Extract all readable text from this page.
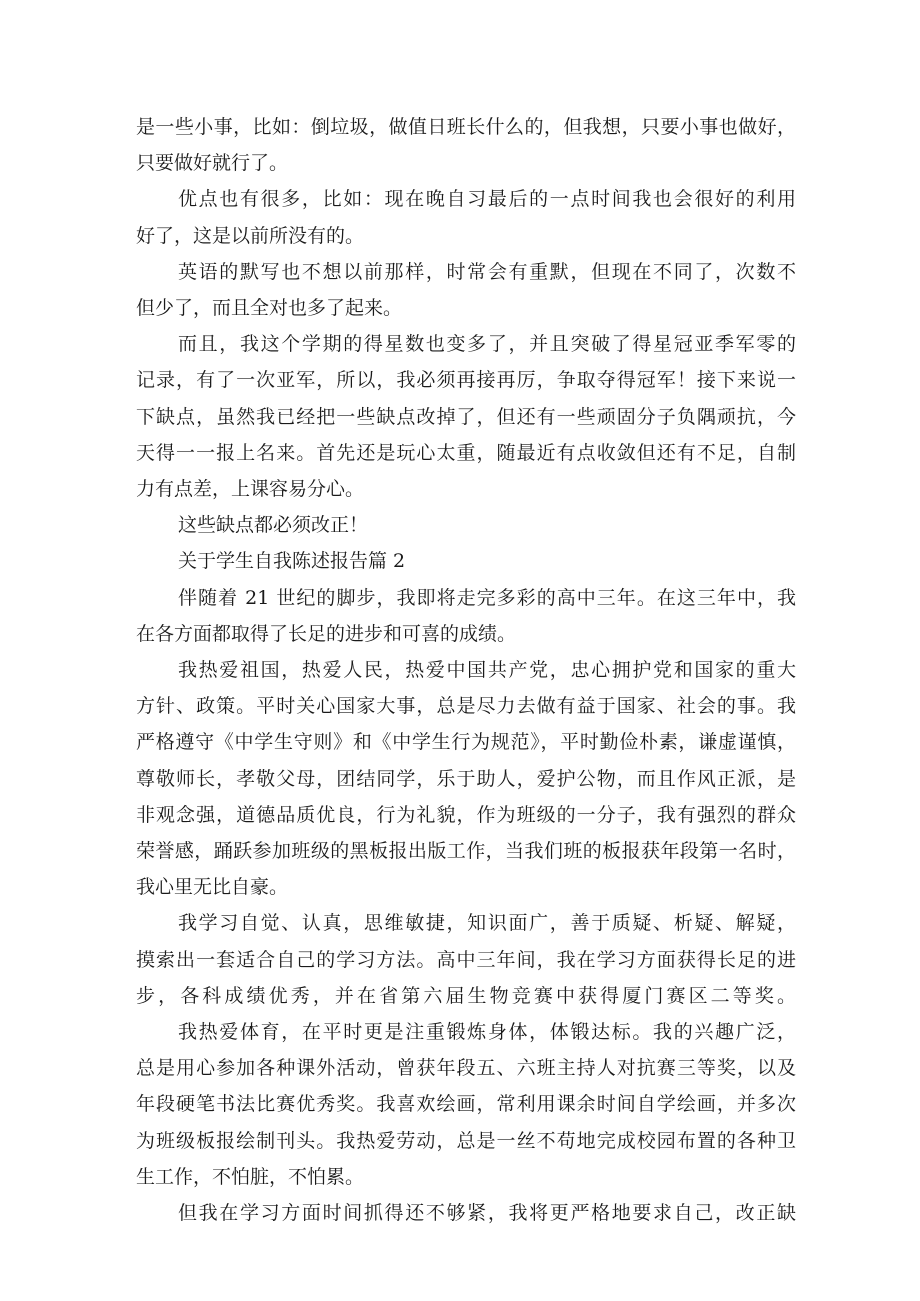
是一些小事，比如：倒垃圾，做值日班长什么的，但我想，只要小事也做好，
只要做好就行了。
优点也有很多，比如：现在晚自习最后的一点时间我也会很好的利用
好了，这是以前所没有的。
英语的默写也不想以前那样，时常会有重默，但现在不同了，次数不
但少了，而且全对也多了起来。
而且，我这个学期的得星数也变多了，并且突破了得星冠亚季军零的
记录，有了一次亚军，所以，我必须再接再厉，争取夺得冠军！接下来说一
下缺点，虽然我已经把一些缺点改掉了，但还有一些顽固分子负隅顽抗，今
天得一一报上名来。首先还是玩心太重，随最近有点收敛但还有不足，自制
力有点差，上课容易分心。
这些缺点都必须改正！
关于学生自我陈述报告篇 2
伴随着 21 世纪的脚步，我即将走完多彩的高中三年。在这三年中，我
在各方面都取得了长足的进步和可喜的成绩。
我热爱祖国，热爱人民，热爱中国共产党，忠心拥护党和国家的重大
方针、政策。平时关心国家大事，总是尽力去做有益于国家、社会的事。我
严格遵守《中学生守则》和《中学生行为规范》，平时勤俭朴素，谦虚谨慎，
尊敬师长，孝敬父母，团结同学，乐于助人，爱护公物，而且作风正派，是
非观念强，道德品质优良，行为礼貌，作为班级的一分子，我有强烈的群众
荣誉感，踊跃参加班级的黑板报出版工作，当我们班的板报获年段第一名时，
我心里无比自豪。
我学习自觉、认真，思维敏捷，知识面广，善于质疑、析疑、解疑，
摸索出一套适合自己的学习方法。高中三年间，我在学习方面获得长足的进
步，各科成绩优秀，并在省第六届生物竞赛中获得厦门赛区二等奖。
我热爱体育，在平时更是注重锻炼身体，体锻达标。我的兴趣广泛，
总是用心参加各种课外活动，曾获年段五、六班主持人对抗赛三等奖，以及
年段硬笔书法比赛优秀奖。我喜欢绘画，常利用课余时间自学绘画，并多次
为班级板报绘制刊头。我热爱劳动，总是一丝不苟地完成校园布置的各种卫
生工作，不怕脏，不怕累。
但我在学习方面时间抓得还不够紧，我将更严格地要求自己，改正缺
